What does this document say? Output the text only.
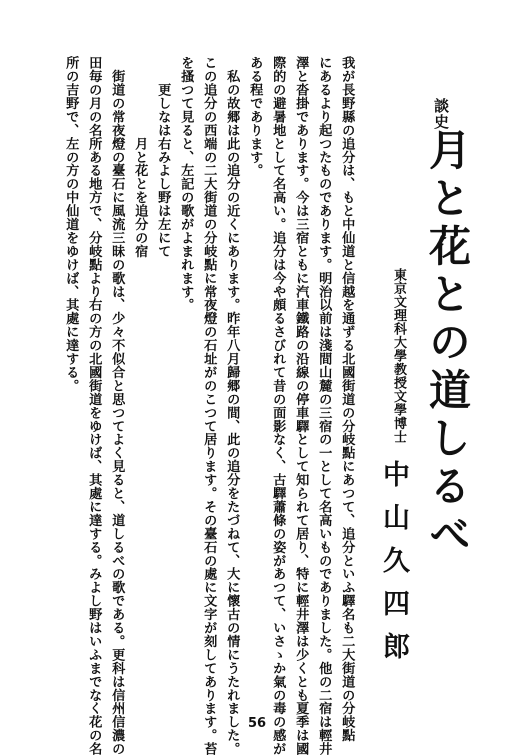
談史
月と花との道しるべ
東京文理科大學教授文學博士
中山久四郎
我が長野縣の追分は、もと中仙道と信越を通ずる北國街道の分岐點にあつて、追分といふ驛名も二大街道の分岐點
にあるより起つたものであります。明治以前は淺間山麓の三宿の一として名高いものでありました。他の二宿は輕井
澤と沓掛であります。今は三宿ともに汽車鐵路の沿線の停車驛として知られて居り、特に輕井澤は少くとも夏季は國
際的の避暑地として名高い。追分は今や頗るさびれて昔の面影なく、古驛蕭條の姿があつて、いさゝか氣の毒の感が
ある程であります。
　私の故郷は此の追分の近くにあります。昨年八月歸郷の間、此の追分をたづねて、大に懷古の情にうたれました。
この追分の西端の二大街道の分岐點に常夜燈の石址がのこつて居ります。その臺石の處に文字が刻してあります。苔
を搔つて見ると、左記の歌がよまれます。
　　更しなは右みよし野は左にて
　　　　　　月と花とを追分の宿
　街道の常夜燈の臺石に風流三昧の歌は、少々不似合と思つてよく見ると、道しるべの歌である。更科は信州信濃の
田毎の月の名所ある地方で、分岐點より右の方の北國街道をゆけば、其處に達する。みよし野はいふまでなく花の名
所の吉野で、左の方の中仙道をゆけば、其處に達する。
56
